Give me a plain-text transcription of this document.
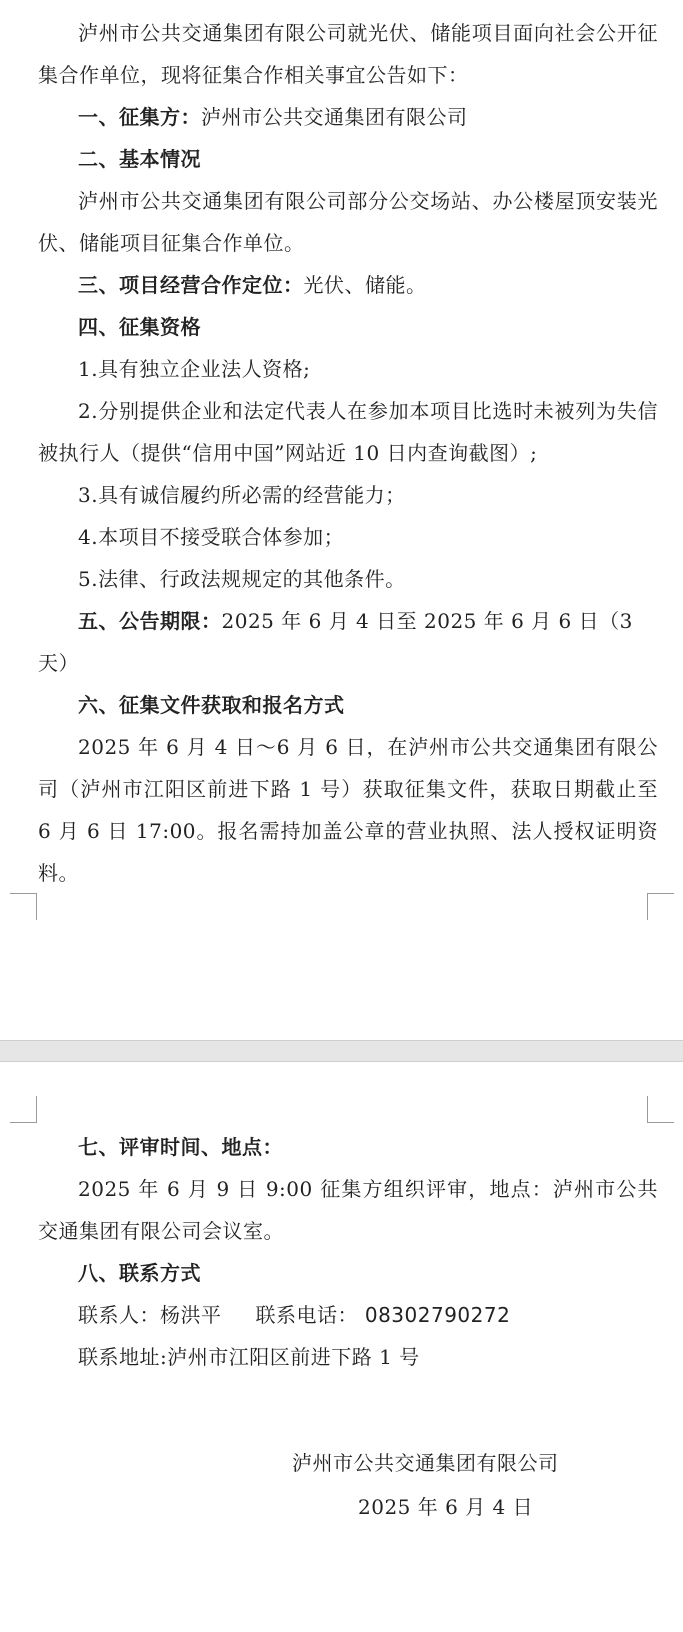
泸州市公共交通集团有限公司就光伏、储能项目面向社会公开征集合作单位，现将征集合作相关事宜公告如下：

一、征集方：泸州市公共交通集团有限公司

二、基本情况

泸州市公共交通集团有限公司部分公交场站、办公楼屋顶安装光伏、储能项目征集合作单位。

三、项目经营合作定位：光伏、储能。

四、征集资格

1.具有独立企业法人资格;

2.分别提供企业和法定代表人在参加本项目比选时未被列为失信被执行人（提供“信用中国”网站近 10 日内查询截图）;

3.具有诚信履约所必需的经营能力；

4.本项目不接受联合体参加；

5.法律、行政法规规定的其他条件。

五、公告期限：2025 年 6 月 4 日至 2025 年 6 月 6 日（3 天）

六、征集文件获取和报名方式

2025 年 6 月 4 日～6 月 6 日，在泸州市公共交通集团有限公司（泸州市江阳区前进下路 1 号）获取征集文件，获取日期截止至 6 月 6 日 17:00。报名需持加盖公章的营业执照、法人授权证明资料。

七、评审时间、地点：

2025 年 6 月 9 日 9:00 征集方组织评审，地点：泸州市公共交通集团有限公司会议室。

八、联系方式

联系人：杨洪平 联系电话： 08302790272

联系地址:泸州市江阳区前进下路 1 号

泸州市公共交通集团有限公司
2025 年 6 月 4 日
